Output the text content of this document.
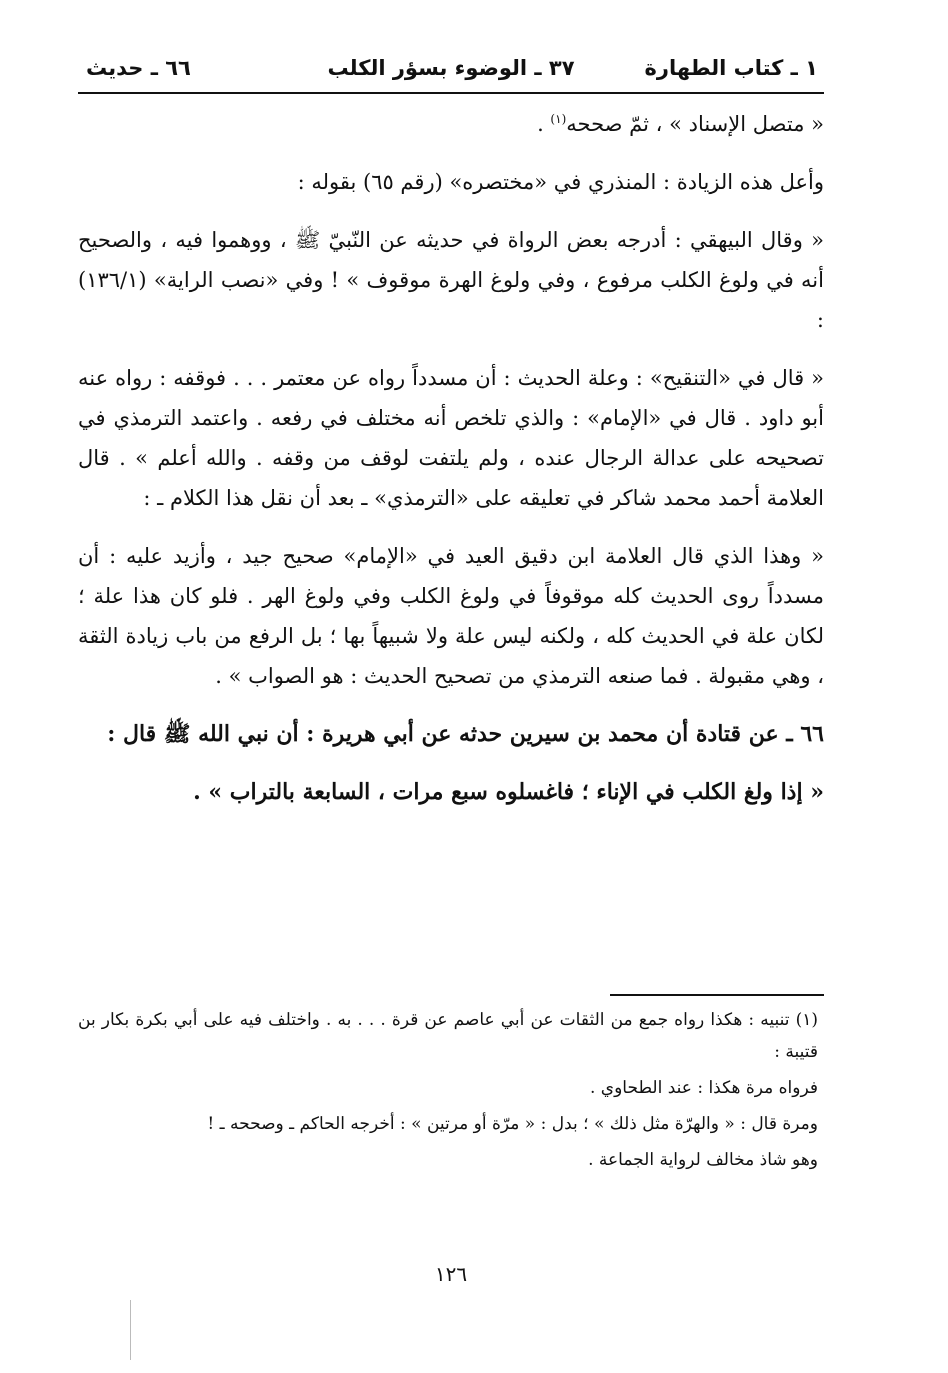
١ ـ كتاب الطهارة
٣٧ ـ الوضوء بسؤر الكلب
٦٦ ـ حديث

« متصل الإسناد » ، ثمّ صححه$^{(١)}$ .

وأعل هذه الزيادة : المنذري في «مختصره» (رقم ٦٥) بقوله :

« وقال البيهقي : أدرجه بعض الرواة في حديثه عن النّبيّ ﷺ ، ووهموا فيه ، والصحيح أنه في ولوغ الكلب مرفوع ، وفي ولوغ الهرة موقوف » ! وفي «نصب الراية» (١٣٦/١) :

« قال في «التنقيح» : وعلة الحديث : أن مسدداً رواه عن معتمر . . . فوقفه : رواه عنه أبو داود . قال في «الإمام» : والذي تلخص أنه مختلف في رفعه . واعتمد الترمذي في تصحيحه على عدالة الرجال عنده ، ولم يلتفت لوقف من وقفه . والله أعلم » . قال العلامة أحمد محمد شاكر في تعليقه على «الترمذي» ـ بعد أن نقل هذا الكلام ـ :

« وهذا الذي قال العلامة ابن دقيق العيد في «الإمام» صحيح جيد ، وأزيد عليه : أن مسدداً روى الحديث كله موقوفاً في ولوغ الكلب وفي ولوغ الهر . فلو كان هذا علة ؛ لكان علة في الحديث كله ، ولكنه ليس علة ولا شبيهاً بها ؛ بل الرفع من باب زيادة الثقة ، وهي مقبولة . فما صنعه الترمذي من تصحيح الحديث : هو الصواب » .

٦٦ ـ عن قتادة أن محمد بن سيرين حدثه عن أبي هريرة : أن نبي الله ﷺ قال :

« إذا ولغ الكلب في الإناء ؛ فاغسلوه سبع مرات ، السابعة بالتراب » .

(١) تنبيه : هكذا رواه جمع من الثقات عن أبي عاصم عن قرة . . . به . واختلف فيه على أبي بكرة بكار بن قتيبة :

فرواه مرة هكذا : عند الطحاوي .

ومرة قال : « والهرّة مثل ذلك » ؛ بدل : « مرّة أو مرتين » : أخرجه الحاكم ـ وصححه ـ !

وهو شاذ مخالف لرواية الجماعة .

١٢٦
